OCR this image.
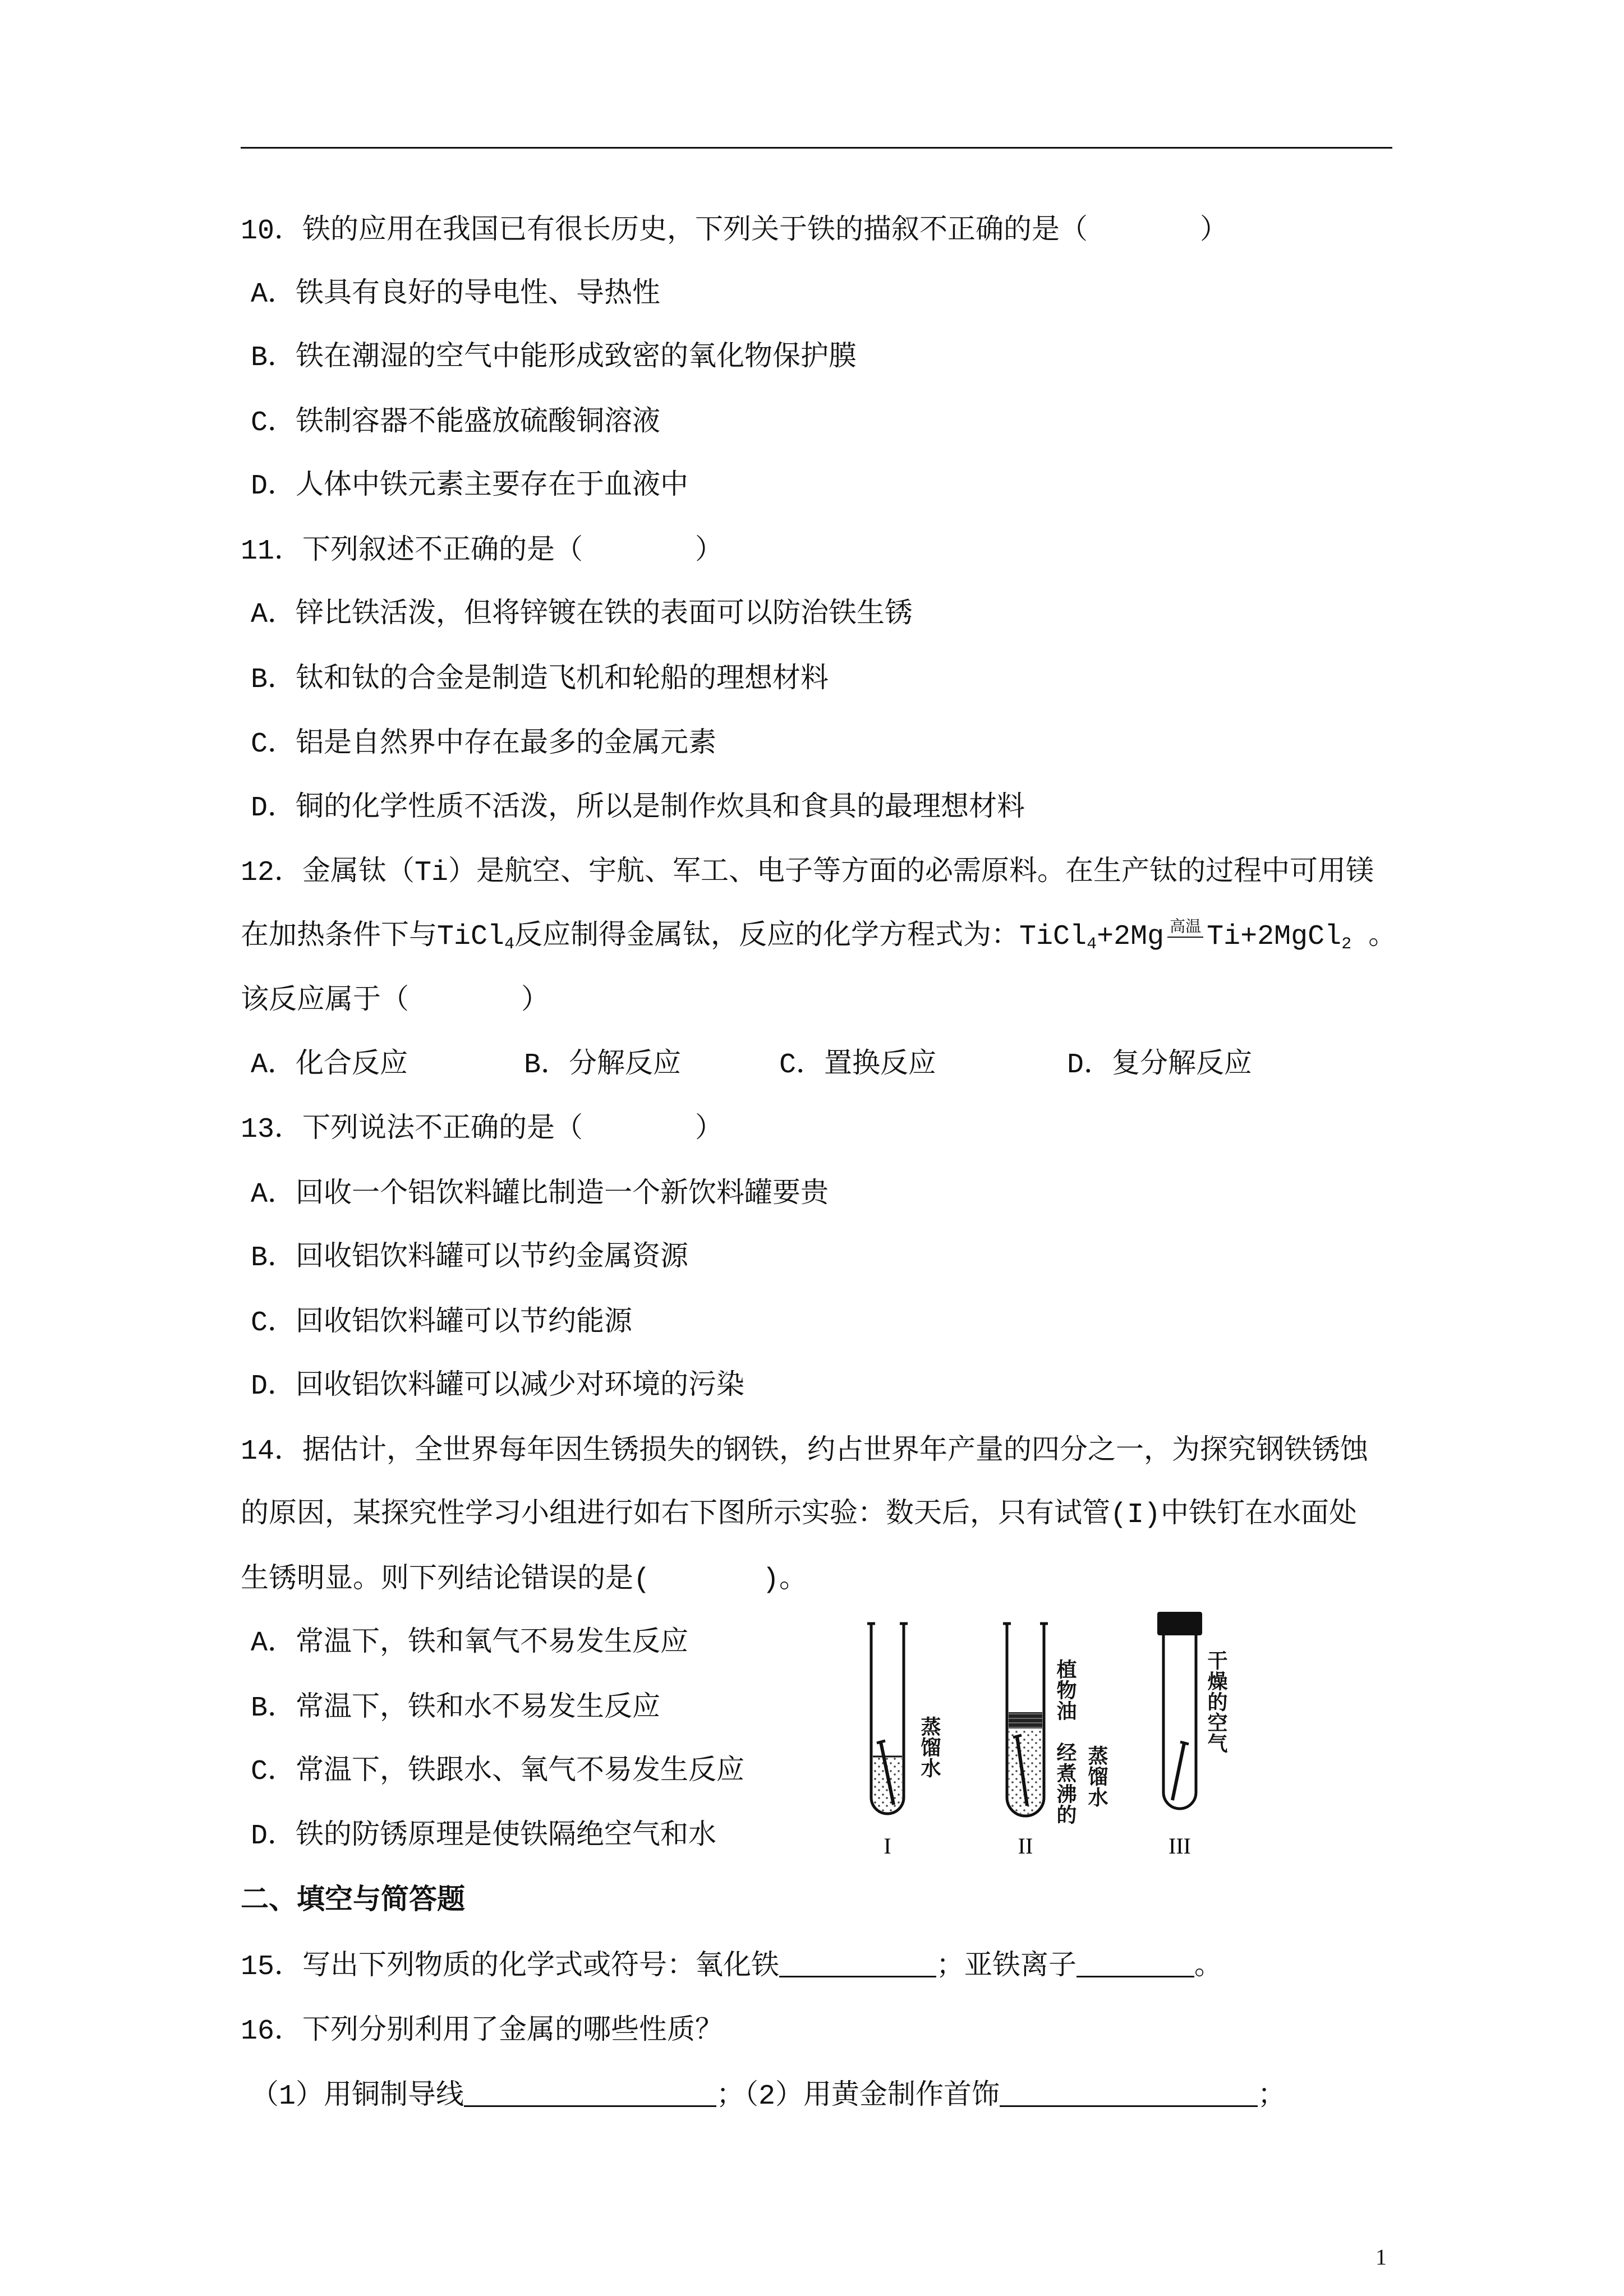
10．铁的应用在我国已有很长历史，下列关于铁的描叙不正确的是（　　　　）
A．铁具有良好的导电性、导热性
B．铁在潮湿的空气中能形成致密的氧化物保护膜
C．铁制容器不能盛放硫酸铜溶液
D．人体中铁元素主要存在于血液中
11．下列叙述不正确的是（　　　　）
A．锌比铁活泼，但将锌镀在铁的表面可以防治铁生锈
B．钛和钛的合金是制造飞机和轮船的理想材料
C．铝是自然界中存在最多的金属元素
D．铜的化学性质不活泼，所以是制作炊具和食具的最理想材料
12．金属钛（Ti）是航空、宇航、军工、电子等方面的必需原料。在生产钛的过程中可用镁
在加热条件下与TiCl$_4$反应制得金属钛，反应的化学方程式为：TiCl$_4$+2Mg 高温 Ti+2MgCl$_2$ 。
该反应属于（　　　　）
A．化合反应	B．分解反应	C．置换反应	D．复分解反应
13．下列说法不正确的是（　　　　）
A．回收一个铝饮料罐比制造一个新饮料罐要贵
B．回收铝饮料罐可以节约金属资源
C．回收铝饮料罐可以节约能源
D．回收铝饮料罐可以减少对环境的污染
14．据估计，全世界每年因生锈损失的钢铁，约占世界年产量的四分之一，为探究钢铁锈蚀
的原因，某探究性学习小组进行如右下图所示实验：数天后，只有试管(I)中铁钉在水面处
生锈明显。则下列结论错误的是(　　　　)。
A．常温下，铁和氧气不易发生反应
B．常温下，铁和水不易发生反应
C．常温下，铁跟水、氧气不易发生反应
D．铁的防锈原理是使铁隔绝空气和水	I	II	III
蒸馏水
植物油
经煮沸的 蒸馏水
干燥的空气
二、填空与简答题
15．写出下列物质的化学式或符号：氧化铁	；亚铁离子	。
16．下列分别利用了金属的哪些性质？
（1）用铜制导线	；（2）用黄金制作首饰	；
1
